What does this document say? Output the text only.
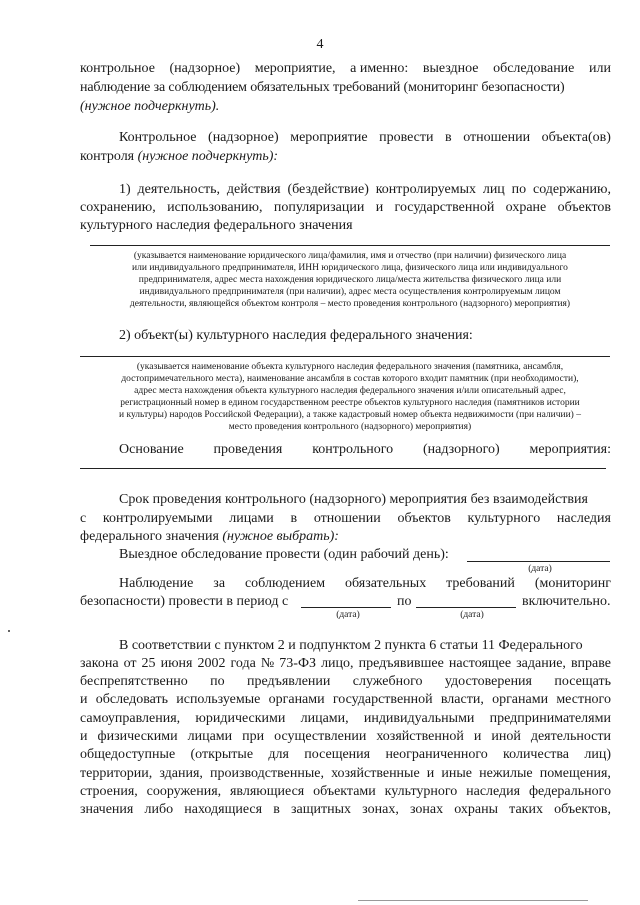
4
контрольное (надзорное) мероприятие, а именно: выездное обследование или
наблюдение за соблюдением обязательных требований (мониторинг безопасности)
(нужное подчеркнуть).
Контрольное (надзорное) мероприятие провести в отношении объекта(ов)
контроля (нужное подчеркнуть):
1) деятельность, действия (бездействие) контролируемых лиц по содержанию,
сохранению, использованию, популяризации и государственной охране объектов
культурного наследия федерального значения
(указывается наименование юридического лица/фамилия, имя и отчество (при наличии) физического лица
или индивидуального предпринимателя, ИНН юридического лица, физического лица или индивидуального
предпринимателя, адрес места нахождения юридического лица/места жительства физического лица или
индивидуального предпринимателя (при наличии), адрес места осуществления контролируемым лицом
деятельности, являющейся объектом контроля – место проведения контрольного (надзорного) мероприятия)
2) объект(ы) культурного наследия федерального значения:
(указывается наименование объекта культурного наследия федерального значения (памятника, ансамбля,
достопримечательного места), наименование ансамбля в состав которого входит памятник (при необходимости),
адрес места нахождения объекта культурного наследия федерального значения и/или описательный адрес,
регистрационный номер в едином государственном реестре объектов культурного наследия (памятников истории
и культуры) народов Российской Федерации), а также кадастровый номер объекта недвижимости (при наличии) –
место проведения контрольного (надзорного) мероприятия)
Основание проведения контрольного (надзорного) мероприятия:
Срок проведения контрольного (надзорного) мероприятия без взаимодействия
с контролируемыми лицами в отношении объектов культурного наследия
федерального значения (нужное выбрать):
Выездное обследование провести (один рабочий день):
(дата)
Наблюдение за соблюдением обязательных требований (мониторинг
безопасности) провести в период с	по	включительно.
(дата)	(дата)
В соответствии с пунктом 2 и подпунктом 2 пункта 6 статьи 11 Федерального
закона от 25 июня 2002 года № 73-ФЗ лицо, предъявившее настоящее задание, вправе
беспрепятственно по предъявлении служебного удостоверения посещать
и обследовать используемые органами государственной власти, органами местного
самоуправления, юридическими лицами, индивидуальными предпринимателями
и физическими лицами при осуществлении хозяйственной и иной деятельности
общедоступные (открытые для посещения неограниченного количества лиц)
территории, здания, производственные, хозяйственные и иные нежилые помещения,
строения, сооружения, являющиеся объектами культурного наследия федерального
значения либо находящиеся в защитных зонах, зонах охраны таких объектов,
